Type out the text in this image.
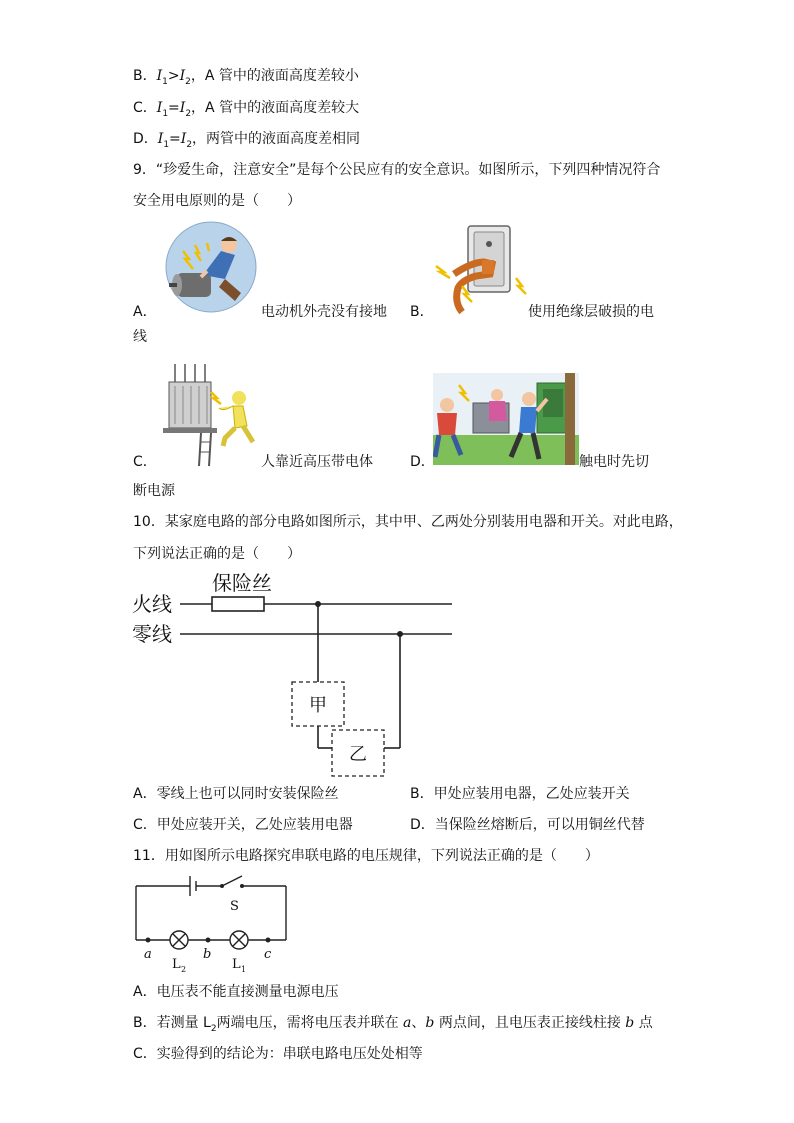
B．$I_1>I_2$，A 管中的液面高度差较小
C．$I_1=I_2$，A 管中的液面高度差较大
D．$I_1=I_2$，两管中的液面高度差相同
9．“珍爱生命，注意安全”是每个公民应有的安全意识。如图所示，下列四种情况符合
安全用电原则的是（　　）
A．	电动机外壳没有接地
线
B．	使用绝缘层破损的电
C．	人靠近高压带电体
断电源
D．	触电时先切
10．某家庭电路的部分电路如图所示，其中甲、乙两处分别装用电器和开关。对此电路，
下列说法正确的是（　　）
保险丝
火线
零线
甲
乙
A．零线上也可以同时安装保险丝	B．甲处应装用电器，乙处应装开关
C．甲处应装开关，乙处应装用电器	D．当保险丝熔断后，可以用铜丝代替
11．用如图所示电路探究串联电路的电压规律，下列说法正确的是（　　）
S
a	b	c
L 2	L 1
A．电压表不能直接测量电源电压
B．若测量 $L_2$两端电压，需将电压表并联在 a、b 两点间，且电压表正接线柱接 b 点
C．实验得到的结论为：串联电路电压处处相等
